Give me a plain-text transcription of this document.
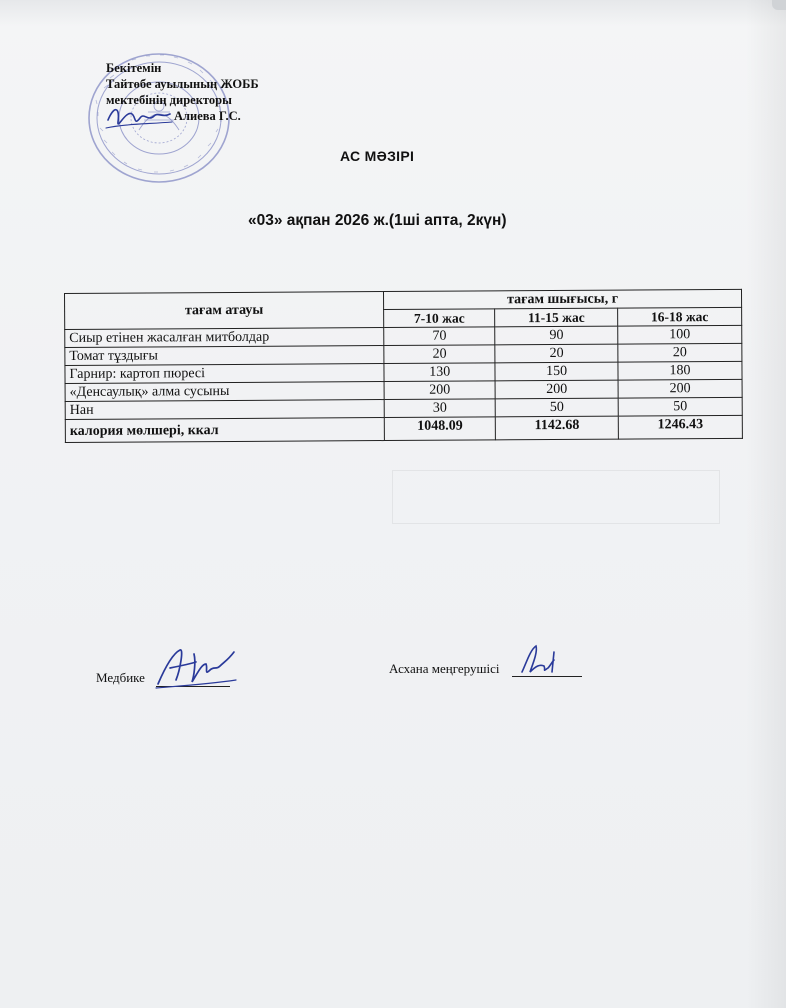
Бекітемін
Тайтөбе ауылының ЖОББ
мектебінің директоры
Алиева Г.С.
АС МӘЗІРІ
«03» ақпан 2026 ж.(1ші апта, 2күн)
тағам атауы	тағам шығысы, г		
	7-10 жас	11-15 жас	16-18 жас
Сиыр етінен жасалған митболдар	70	90	100
Томат тұздығы	20	20	20
Гарнир: картоп пюресі	130	150	180
«Денсаулық» алма сусыны	200	200	200
Нан	30	50	50
калория мөлшері, ккал	1048.09	1142.68	1246.43
Медбике
Асхана меңгерушісі
